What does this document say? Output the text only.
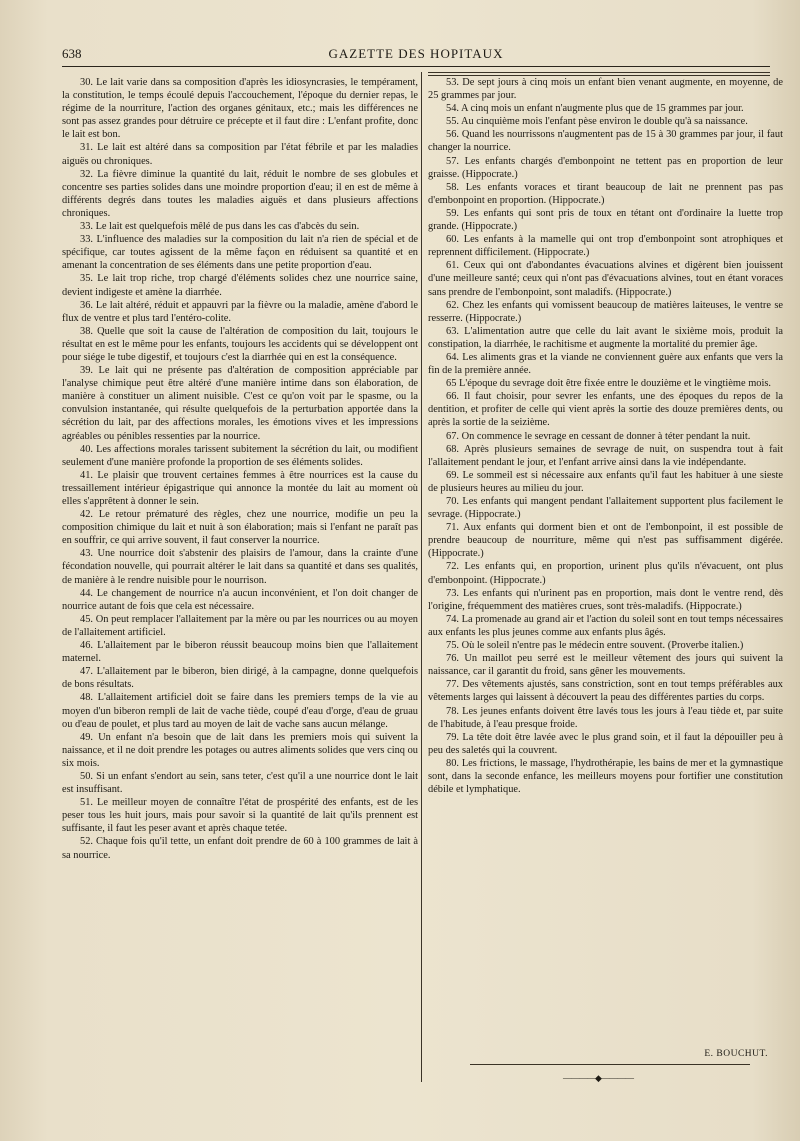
638	GAZETTE DES HOPITAUX

30. Le lait varie dans sa composition d'après les idiosyncrasies, le tempérament, la constitution, le temps écoulé depuis l'accouchement, l'époque du dernier repas, le régime de la nourriture, l'action des organes génitaux, etc.; mais les différences ne sont pas assez grandes pour détruire ce précepte et il faut dire : L'enfant profite, donc le lait est bon.

31. Le lait est altéré dans sa composition par l'état fébrile et par les maladies aiguës ou chroniques.

32. La fièvre diminue la quantité du lait, réduit le nombre de ses globules et concentre ses parties solides dans une moindre proportion d'eau; il en est de même à différents degrés dans toutes les maladies aiguës et dans plusieurs affections chroniques.

33. Le lait est quelquefois mêlé de pus dans les cas d'abcès du sein.

33. L'influence des maladies sur la composition du lait n'a rien de spécial et de spécifique, car toutes agissent de la même façon en réduisent sa quantité et en amenant la concentration de ses éléments dans une petite proportion d'eau.

35. Le lait trop riche, trop chargé d'éléments solides chez une nourrice saine, devient indigeste et amène la diarrhée.

36. Le lait altéré, réduit et appauvri par la fièvre ou la maladie, amène d'abord le flux de ventre et plus tard l'entéro-colite.

38. Quelle que soit la cause de l'altération de composition du lait, toujours le résultat en est le même pour les enfants, toujours les accidents qui se développent ont pour siége le tube digestif, et toujours c'est la diarrhée qui en est la conséquence.

39. Le lait qui ne présente pas d'altération de composition appréciable par l'analyse chimique peut être altéré d'une manière intime dans son élaboration, de manière à constituer un aliment nuisible. C'est ce qu'on voit par le spasme, ou la convulsion instantanée, qui résulte quelquefois de la perturbation apportée dans la sécrétion du lait, par des affections morales, les émotions vives et les impressions agréables ou pénibles ressenties par la nourrice.

40. Les affections morales tarissent subitement la sécrétion du lait, ou modifient seulement d'une manière profonde la proportion de ses éléments solides.

41. Le plaisir que trouvent certaines femmes à être nourrices est la cause du tressaillement intérieur épigastrique qui annonce la montée du lait au moment où elles s'apprêtent à donner le sein.

42. Le retour prématuré des règles, chez une nourrice, modifie un peu la composition chimique du lait et nuit à son élaboration; mais si l'enfant ne paraît pas en souffrir, ce qui arrive souvent, il faut conserver la nourrice.

43. Une nourrice doit s'abstenir des plaisirs de l'amour, dans la crainte d'une fécondation nouvelle, qui pourrait altérer le lait dans sa quantité et dans ses qualités, de manière à le rendre nuisible pour le nourrison.

44. Le changement de nourrice n'a aucun inconvénient, et l'on doit changer de nourrice autant de fois que cela est nécessaire.

45. On peut remplacer l'allaitement par la mère ou par les nourrices ou au moyen de l'allaitement artificiel.

46. L'allaitement par le biberon réussit beaucoup moins bien que l'allaitement maternel.

47. L'allaitement par le biberon, bien dirigé, à la campagne, donne quelquefois de bons résultats.

48. L'allaitement artificiel doit se faire dans les premiers temps de la vie au moyen d'un biberon rempli de lait de vache tiède, coupé d'eau d'orge, d'eau de gruau ou d'eau de poulet, et plus tard au moyen de lait de vache sans aucun mélange.

49. Un enfant n'a besoin que de lait dans les premiers mois qui suivent la naissance, et il ne doit prendre les potages ou autres aliments solides que vers cinq ou six mois.

50. Si un enfant s'endort au sein, sans teter, c'est qu'il a une nourrice dont le lait est insuffisant.

51. Le meilleur moyen de connaître l'état de prospérité des enfants, est de les peser tous les huit jours, mais pour savoir si la quantité de lait qu'ils prennent est suffisante, il faut les peser avant et après chaque tetée.

52. Chaque fois qu'il tette, un enfant doit prendre de 60 à 100 grammes de lait à sa nourrice.

53. De sept jours à cinq mois un enfant bien venant augmente, en moyenne, de 25 grammes par jour.

54. A cinq mois un enfant n'augmente plus que de 15 grammes par jour.

55. Au cinquième mois l'enfant pèse environ le double qu'à sa naissance.

56. Quand les nourrissons n'augmentent pas de 15 à 30 grammes par jour, il faut changer la nourrice.

57. Les enfants chargés d'embonpoint ne tettent pas en proportion de leur graisse. (Hippocrate.)

58. Les enfants voraces et tirant beaucoup de lait ne prennent pas pas d'embonpoint en proportion. (Hippocrate.)

59. Les enfants qui sont pris de toux en tétant ont d'ordinaire la luette trop grande. (Hippocrate.)

60. Les enfants à la mamelle qui ont trop d'embonpoint sont atrophiques et reprennent difficilement. (Hippocrate.)

61. Ceux qui ont d'abondantes évacuations alvines et digèrent bien jouissent d'une meilleure santé; ceux qui n'ont pas d'évacuations alvines, tout en étant voraces sans prendre de l'embonpoint, sont maladifs. (Hippocrate.)

62. Chez les enfants qui vomissent beaucoup de matières laiteuses, le ventre se resserre. (Hippocrate.)

63. L'alimentation autre que celle du lait avant le sixième mois, produit la constipation, la diarrhée, le rachitisme et augmente la mortalité du premier âge.

64. Les aliments gras et la viande ne conviennent guère aux enfants que vers la fin de la première année.

65 L'époque du sevrage doit être fixée entre le douzième et le vingtième mois.

66. Il faut choisir, pour sevrer les enfants, une des époques du repos de la dentition, et profiter de celle qui vient après la sortie des douze premières dents, ou après la sortie de la seizième.

67. On commence le sevrage en cessant de donner à téter pendant la nuit.

68. Après plusieurs semaines de sevrage de nuit, on suspendra tout à fait l'allaitement pendant le jour, et l'enfant arrive ainsi dans la vie indépendante.

69. Le sommeil est si nécessaire aux enfants qu'il faut les habituer à une sieste de plusieurs heures au milieu du jour.

70. Les enfants qui mangent pendant l'allaitement supportent plus facilement le sevrage. (Hippocrate.)

71. Aux enfants qui dorment bien et ont de l'embonpoint, il est possible de prendre beaucoup de nourriture, même qui n'est pas suffisamment digérée. (Hippocrate.)

72. Les enfants qui, en proportion, urinent plus qu'ils n'évacuent, ont plus d'embonpoint. (Hippocrate.)

73. Les enfants qui n'urinent pas en proportion, mais dont le ventre rend, dès l'origine, fréquemment des matières crues, sont très-maladifs. (Hippocrate.)

74. La promenade au grand air et l'action du soleil sont en tout temps nécessaires aux enfants les plus jeunes comme aux enfants plus âgés.

75. Où le soleil n'entre pas le médecin entre souvent. (Proverbe italien.)

76. Un maillot peu serré est le meilleur vêtement des jours qui suivent la naissance, car il garantit du froid, sans gêner les mouvements.

77. Des vêtements ajustés, sans constriction, sont en tout temps préférables aux vêtements larges qui laissent à découvert la peau des différentes parties du corps.

78. Les jeunes enfants doivent être lavés tous les jours à l'eau tiède et, par suite de l'habitude, à l'eau presque froide.

79. La tête doit être lavée avec le plus grand soin, et il faut la dépouiller peu à peu des saletés qui la couvrent.

80. Les frictions, le massage, l'hydrothérapie, les bains de mer et la gymnastique sont, dans la seconde enfance, les meilleurs moyens pour fortifier une constitution débile et lymphatique.

E. BOUCHUT.
————◆————
